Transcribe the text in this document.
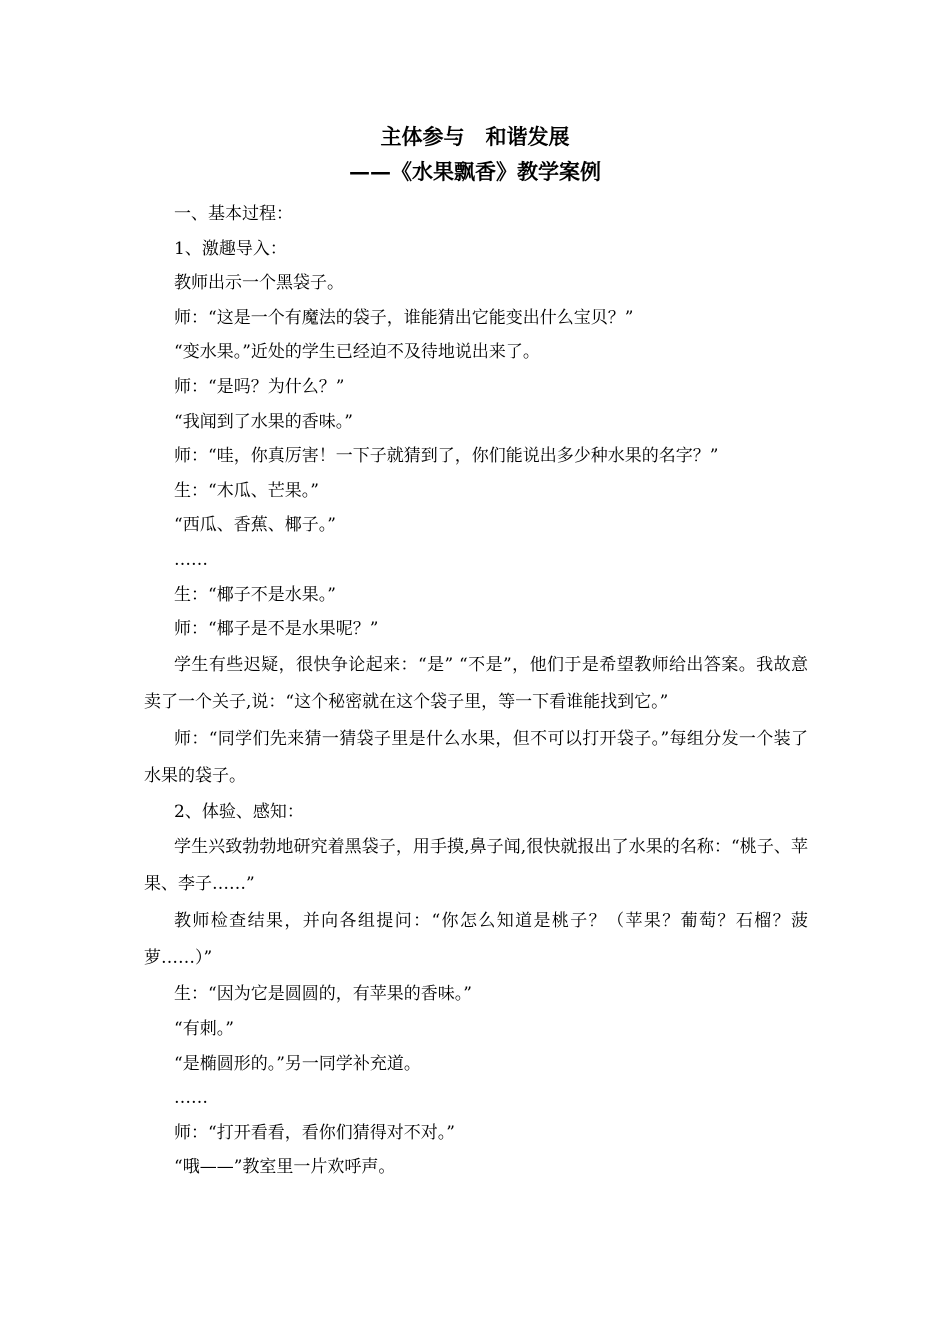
主体参与　和谐发展
——《水果飘香》教学案例

一、基本过程：

1、激趣导入：

教师出示一个黑袋子。

师：“这是一个有魔法的袋子，谁能猜出它能变出什么宝贝？”

“变水果。”近处的学生已经迫不及待地说出来了。

师：“是吗？为什么？”

“我闻到了水果的香味。”

师：“哇，你真厉害！一下子就猜到了，你们能说出多少种水果的名字？”

生：“木瓜、芒果。”

“西瓜、香蕉、椰子。”

……

生：“椰子不是水果。”

师：“椰子是不是水果呢？”

学生有些迟疑，很快争论起来：“是” “不是”，他们于是希望教师给出答案。我故意卖了一个关子,说：“这个秘密就在这个袋子里，等一下看谁能找到它。”

师：“同学们先来猜一猜袋子里是什么水果，但不可以打开袋子。”每组分发一个装了水果的袋子。

2、体验、感知：

学生兴致勃勃地研究着黑袋子，用手摸,鼻子闻,很快就报出了水果的名称：“桃子、苹果、李子……”

教师检查结果，并向各组提问：“你怎么知道是桃子？（苹果？葡萄？石榴？菠萝……）”

生：“因为它是圆圆的，有苹果的香味。”

“有刺。”

“是椭圆形的。”另一同学补充道。

……

师：“打开看看，看你们猜得对不对。”

“哦——”教室里一片欢呼声。
